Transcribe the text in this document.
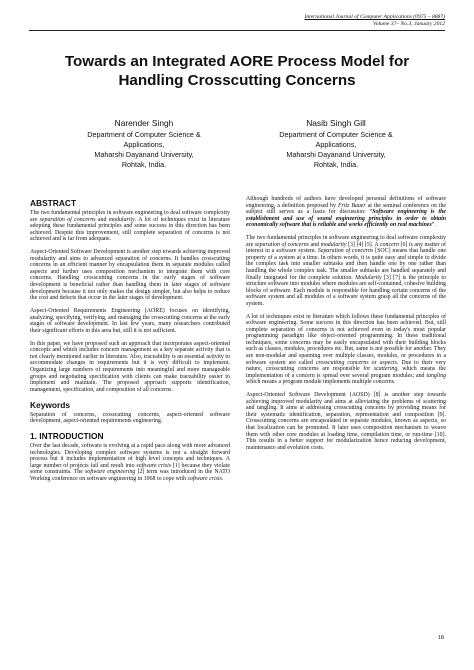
International Journal of Computer Applications (0975 – 8887)
Volume 37– No.3, January 2012
Towards an Integrated AORE Process Model for
Handling Crosscutting Concerns
Narender Singh
Department of Computer Science &
Applications,
Maharshi Dayanand University,
Rohtak, India.
Nasib Singh Gill
Department of Computer Science &
Applications,
Maharshi Dayanand University,
Rohtak, India.
ABSTRACT

The two fundamental principles in software engineering to deal software complexity are separation of concerns and modularity. A lot of techniques exist in literature adopting these fundamental principles and some success in this direction has been achieved. Despite this improvement, still complete separation of concerns is not achieved and is far from adequate.

Aspect-Oriented Software Development is another step towards achieving improved modularity and aims to advanced separation of concerns. It handles crosscutting concerns in an efficient manner by encapsulation them in separate modules called aspects and further uses composition mechanism to integrate them with core concerns. Handling crosscutting concerns in the early stages of software development is beneficial rather than handling them in later stages of software development because it not only makes the design simpler, but also helps to reduce the cost and defects that occur in the later stages of development.

Aspect-Oriented Requirements Engineering (AORE) focuses on identifying, analyzing, specifying, verifying, and managing the crosscutting concerns at the early stages of software development. In last few years, many researchers contributed their significant efforts in this area but, still it is not sufficient.

In this paper, we have proposed such an approach that incorporates aspect-oriented concepts and which includes concern management as a key separate activity that is not clearly mentioned earlier in literature. Also, traceability is an essential activity to accommodate changes in requirements but it is very difficult to implement. Organizing large numbers of requirements into meaningful and more manageable groups and negotiating specification with clients can make traceability easier to implement and maintain. The proposed approach supports identification, management, specification, and composition of all concerns.

Keywords

Separation of concerns, crosscutting concerns, aspect-oriented software development, aspect-oriented requirements engineering.

1. INTRODUCTION

Over the last decade, software is evolving at a rapid pace along with more advanced technologies. Developing complex software systems is not a straight forward process but it includes implementation of high level concepts and techniques. A large number of projects fail and result into software crisis [1] because they violate some constraints. The software engineering [2] term was introduced in the NATO Working conference on software engineering in 1968 to cope with software crisis.

Although hundreds of authors have developed personal definitions of software engineering, a definition proposed by Fritz Bauer at the seminal conference on the subject still serves as a basis for discussion: “Software engineering is the establishment and use of sound engineering principles in order to obtain economically software that is reliable and works efficiently on real machines”.

The two fundamental principles in software engineering to deal software complexity are separation of concerns and modularity [3] [4] [5]. A concern [6] is any matter of interest in a software system. Separation of concerns [SOC] means that handle one property of a system at a time. In others words, it is quite easy and simple to divide the complex task into smaller subtasks and then handle one by one rather than handling the whole complex task. The smaller subtasks are handled separately and finally integrated for the complete solution. Modularity [3] [7] is the principle to structure software into modules where modules are self-contained, cohesive building blocks of software. Each module is responsible for handling certain concerns of the software system and all modules of a software system grasp all the concerns of the system.

A lot of techniques exist in literature which follows these fundamental principles of software engineering. Some success in this direction has been achieved. But, still complete separation of concerns is not achieved even in today's most popular programming paradigm like object-oriented programming. In these traditional techniques, some concerns may be easily encapsulated with their building blocks such as classes, modules, procedures etc. But, same is not possible for another. They are non-modular and spanning over multiple classes, modules, or procedures in a software system are called crosscutting concerns or aspects. Due to their very nature, crosscutting concerns are responsible for scattering, which means the implementation of a concern is spread over several program modules; and tangling which means a program module implements multiple concerns.

Aspect-Oriented Software Development (AOSD) [8] is another step towards achieving improved modularity and aims at alleviating the problems of scattering and tangling. It aims at addressing crosscutting concerns by providing means for their systematic identification, separation, representation and composition [9]. Crosscutting concerns are encapsulated in separate modules, known as aspects, so that localization can be promoted. It later uses composition mechanism to weave them with other core modules at loading time, compilation time, or run-time [10]. This results in a better support for modularization hence reducing development, maintenance and evolution costs.

18
